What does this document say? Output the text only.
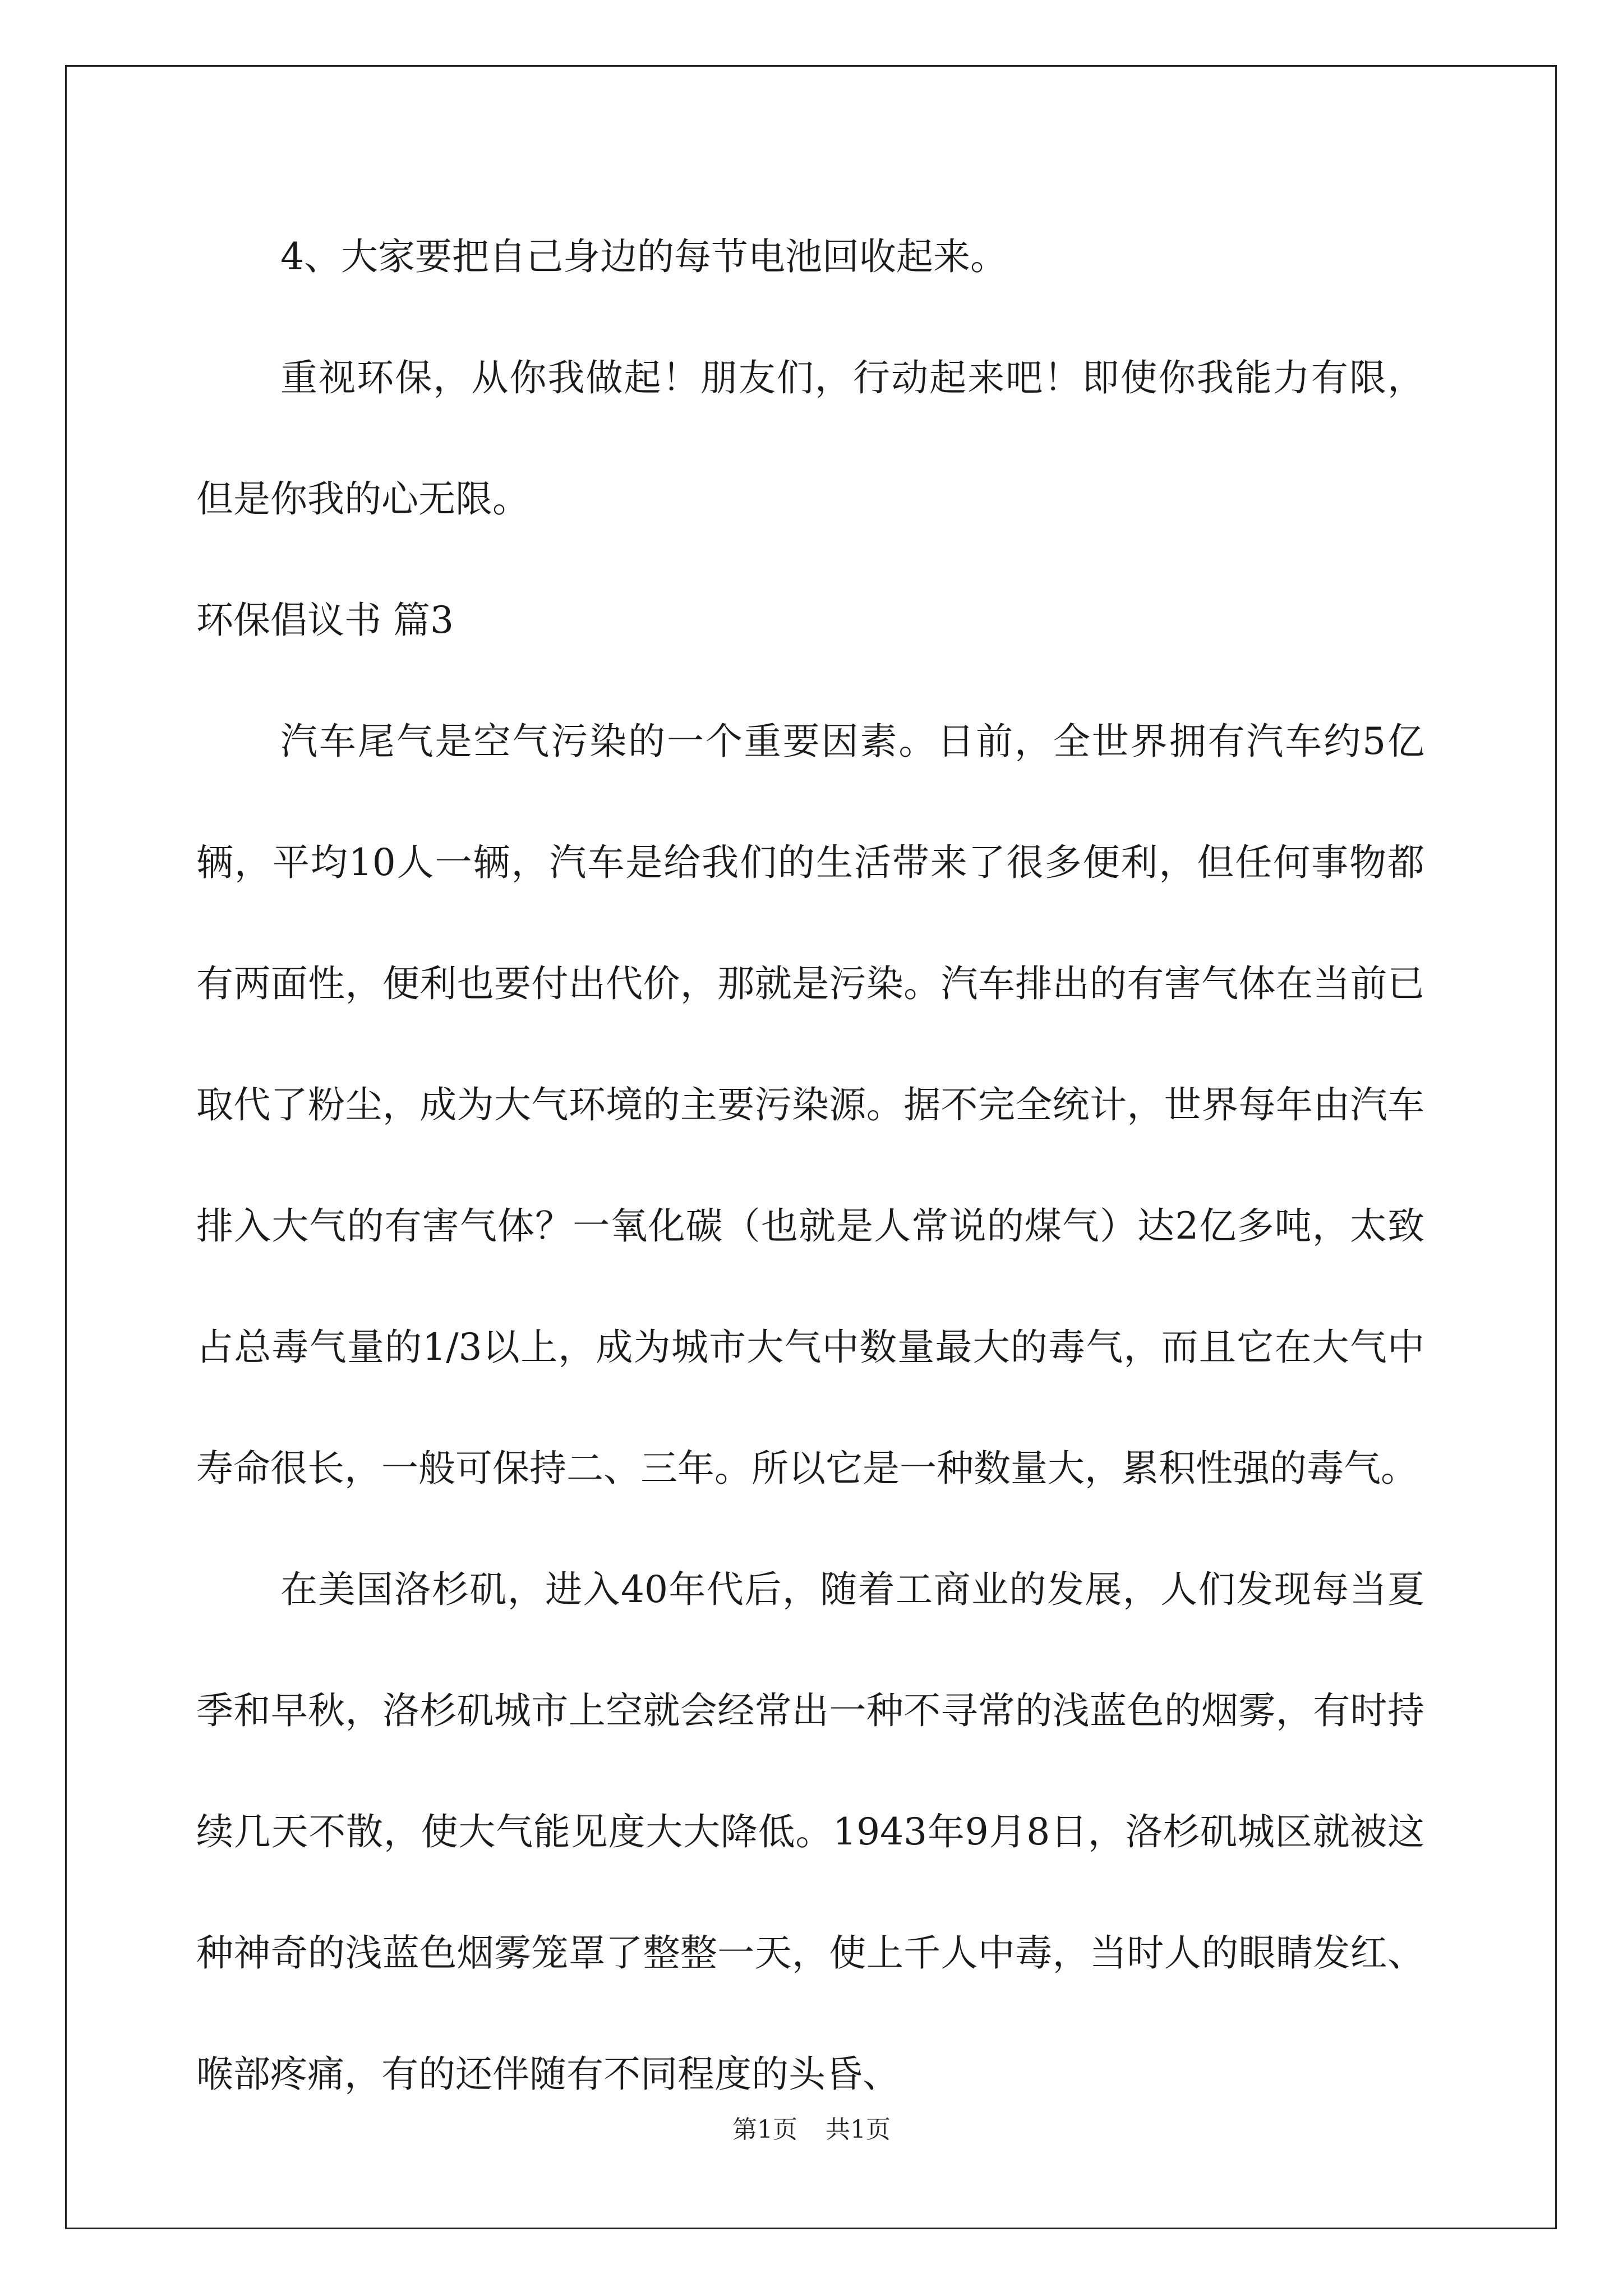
4、大家要把自己身边的每节电池回收起来。

重视环保，从你我做起！朋友们，行动起来吧！即使你我能力有限，但是你我的心无限。

环保倡议书 篇3

汽车尾气是空气污染的一个重要因素。日前，全世界拥有汽车约5亿辆，平均10人一辆，汽车是给我们的生活带来了很多便利，但任何事物都有两面性，便利也要付出代价，那就是污染。汽车排出的有害气体在当前已取代了粉尘，成为大气环境的主要污染源。据不完全统计，世界每年由汽车排入大气的有害气体？一氧化碳（也就是人常说的煤气）达2亿多吨，太致占总毒气量的1/3以上，成为城市大气中数量最大的毒气，而且它在大气中寿命很长，一般可保持二、三年。所以它是一种数量大，累积性强的毒气。

在美国洛杉矶，进入40年代后，随着工商业的发展，人们发现每当夏季和早秋，洛杉矶城市上空就会经常出一种不寻常的浅蓝色的烟雾，有时持续几天不散，使大气能见度大大降低。1943年9月8日，洛杉矶城区就被这种神奇的浅蓝色烟雾笼罩了整整一天，使上千人中毒，当时人的眼睛发红、喉部疼痛，有的还伴随有不同程度的头昏、

第1页 共1页
